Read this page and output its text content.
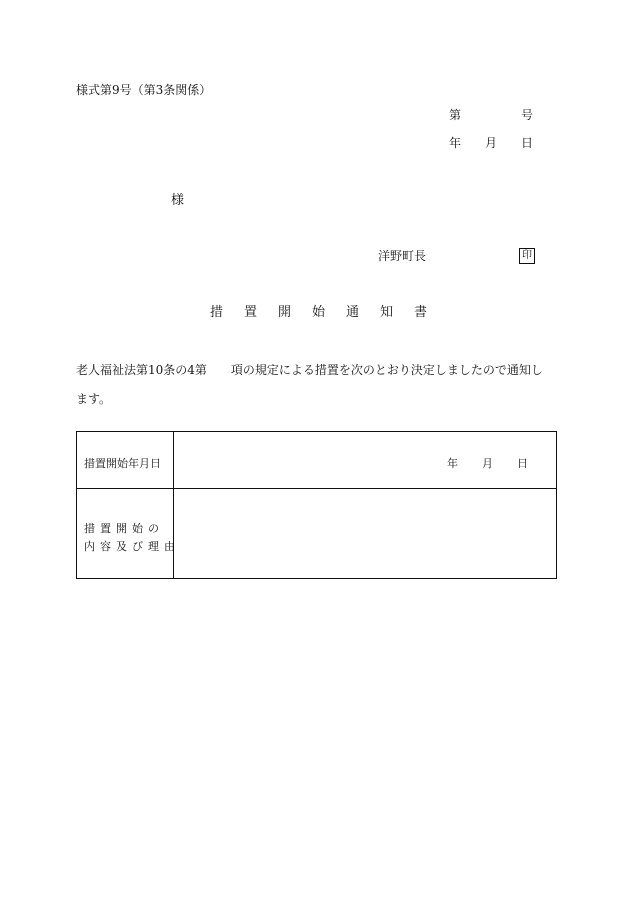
様式第9号（第3条関係）
第	号
年 月 日
様
洋野町長	印
措置開始通知書
老人福祉法第10条の4第 項の規定による措置を次のとおり決定しましたので通知し
ます。
措置開始年月日	年 月 日
措置開始の
内容及び理由
